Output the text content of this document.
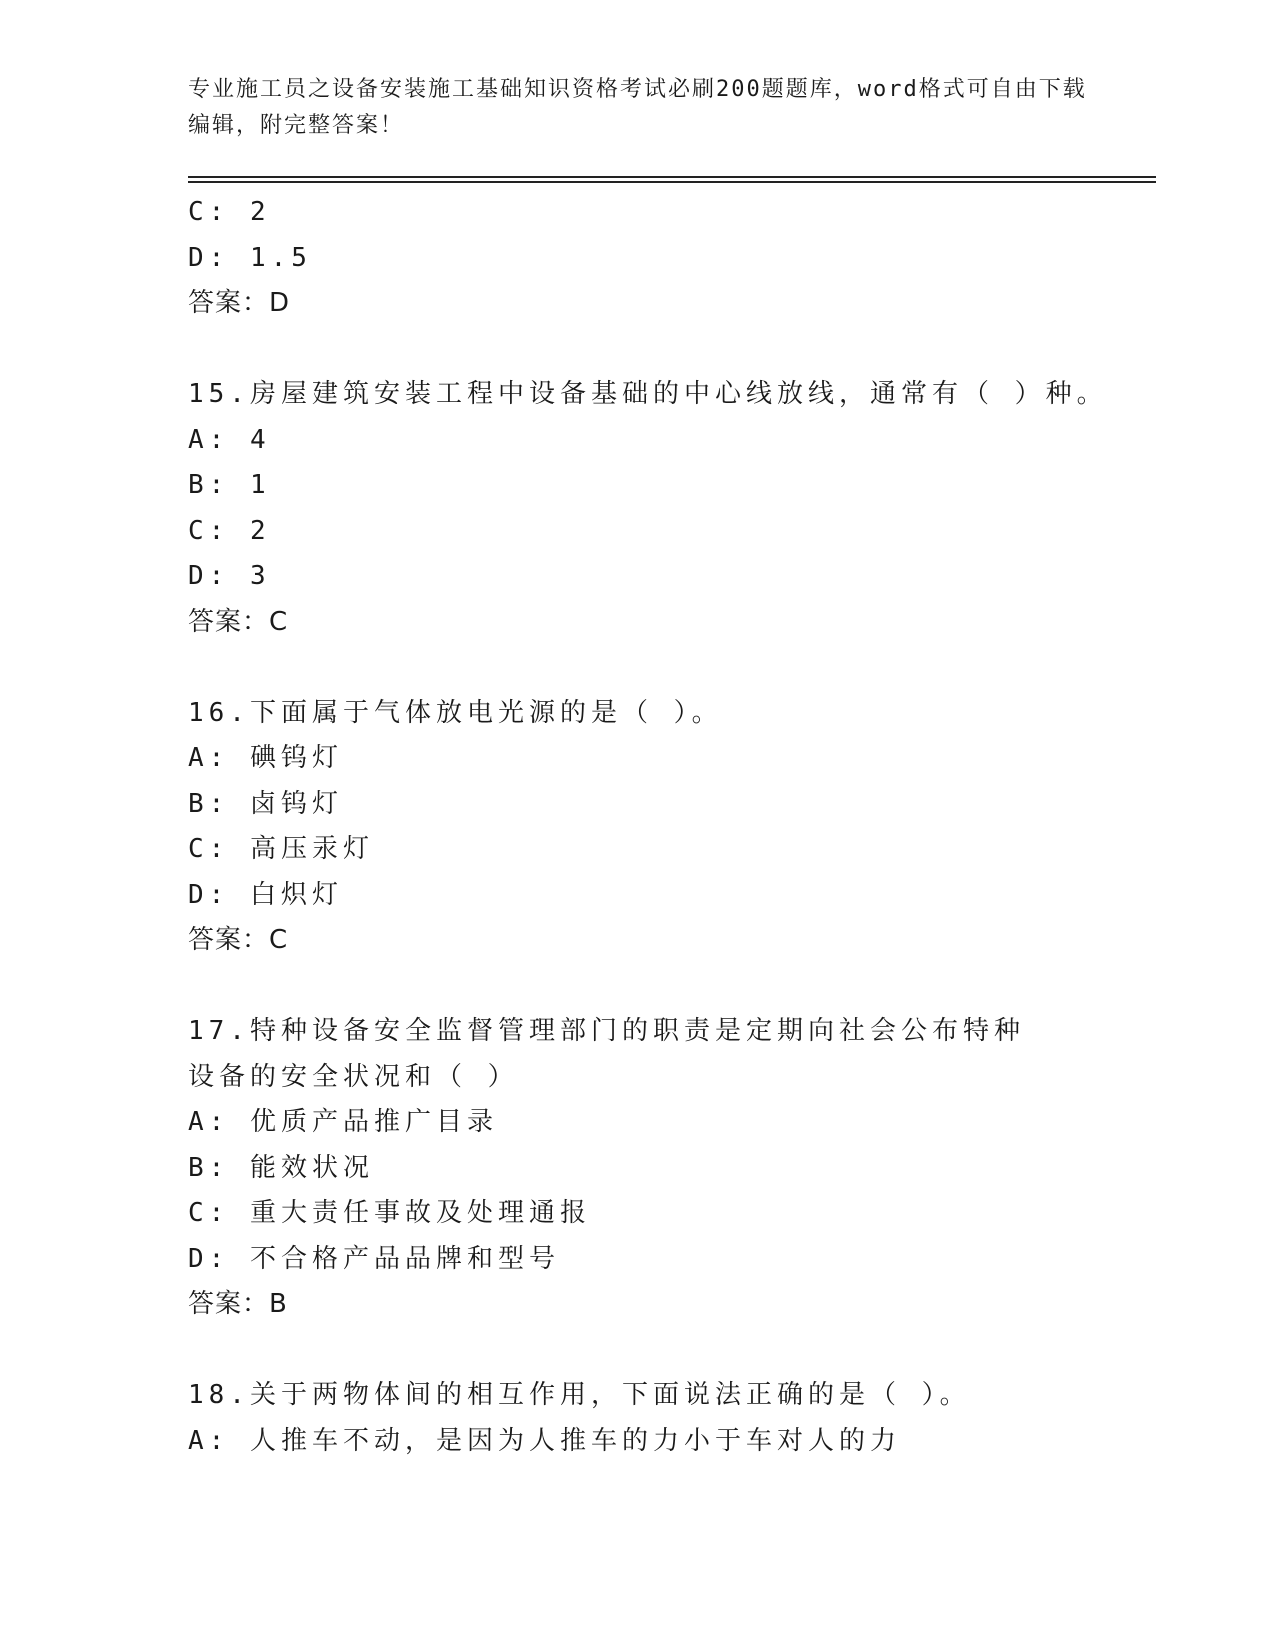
专业施工员之设备安装施工基础知识资格考试必刷200题题库，word格式可自由下载编辑，附完整答案！
C: 2
D: 1.5
答案：D
15.房屋建筑安装工程中设备基础的中心线放线，通常有（ ）种。
A: 4
B: 1
C: 2
D: 3
答案：C
16.下面属于气体放电光源的是（ ）。
A: 碘钨灯
B: 卤钨灯
C: 高压汞灯
D: 白炽灯
答案：C
17.特种设备安全监督管理部门的职责是定期向社会公布特种设备的安全状况和（ ）
A: 优质产品推广目录
B: 能效状况
C: 重大责任事故及处理通报
D: 不合格产品品牌和型号
答案：B
18.关于两物体间的相互作用，下面说法正确的是（ ）。
A: 人推车不动，是因为人推车的力小于车对人的力
